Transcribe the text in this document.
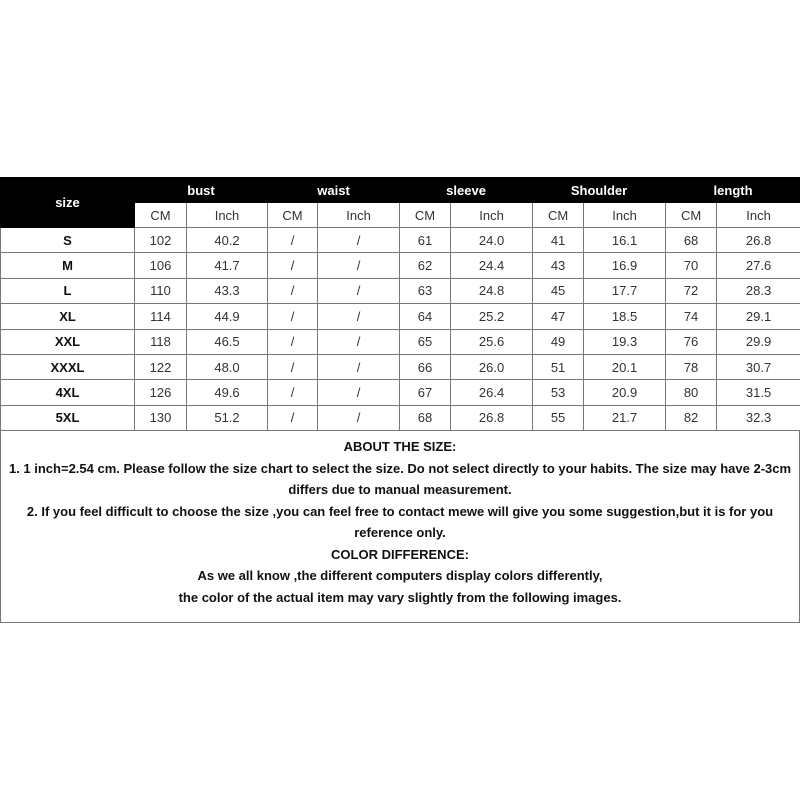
size	bust		waist		sleeve		Shoulder		length	
	CM	Inch	CM	Inch	CM	Inch	CM	Inch	CM	Inch
S	102	40.2	/	/	61	24.0	41	16.1	68	26.8
M	106	41.7	/	/	62	24.4	43	16.9	70	27.6
L	110	43.3	/	/	63	24.8	45	17.7	72	28.3
XL	114	44.9	/	/	64	25.2	47	18.5	74	29.1
XXL	118	46.5	/	/	65	25.6	49	19.3	76	29.9
XXXL	122	48.0	/	/	66	26.0	51	20.1	78	30.7
4XL	126	49.6	/	/	67	26.4	53	20.9	80	31.5
5XL	130	51.2	/	/	68	26.8	55	21.7	82	32.3

ABOUT THE SIZE:

1. 1 inch=2.54 cm. Please follow the size chart to select the size. Do not select directly to your habits. The size may have 2-3cm

differs due to manual measurement.

2. If you feel difficult to choose the size ,you can feel free to contact mewe will give you some suggestion,but it is for you

reference only.

COLOR DIFFERENCE:

As we all know ,the different computers display colors differently,

the color of the actual item may vary slightly from the following images.
